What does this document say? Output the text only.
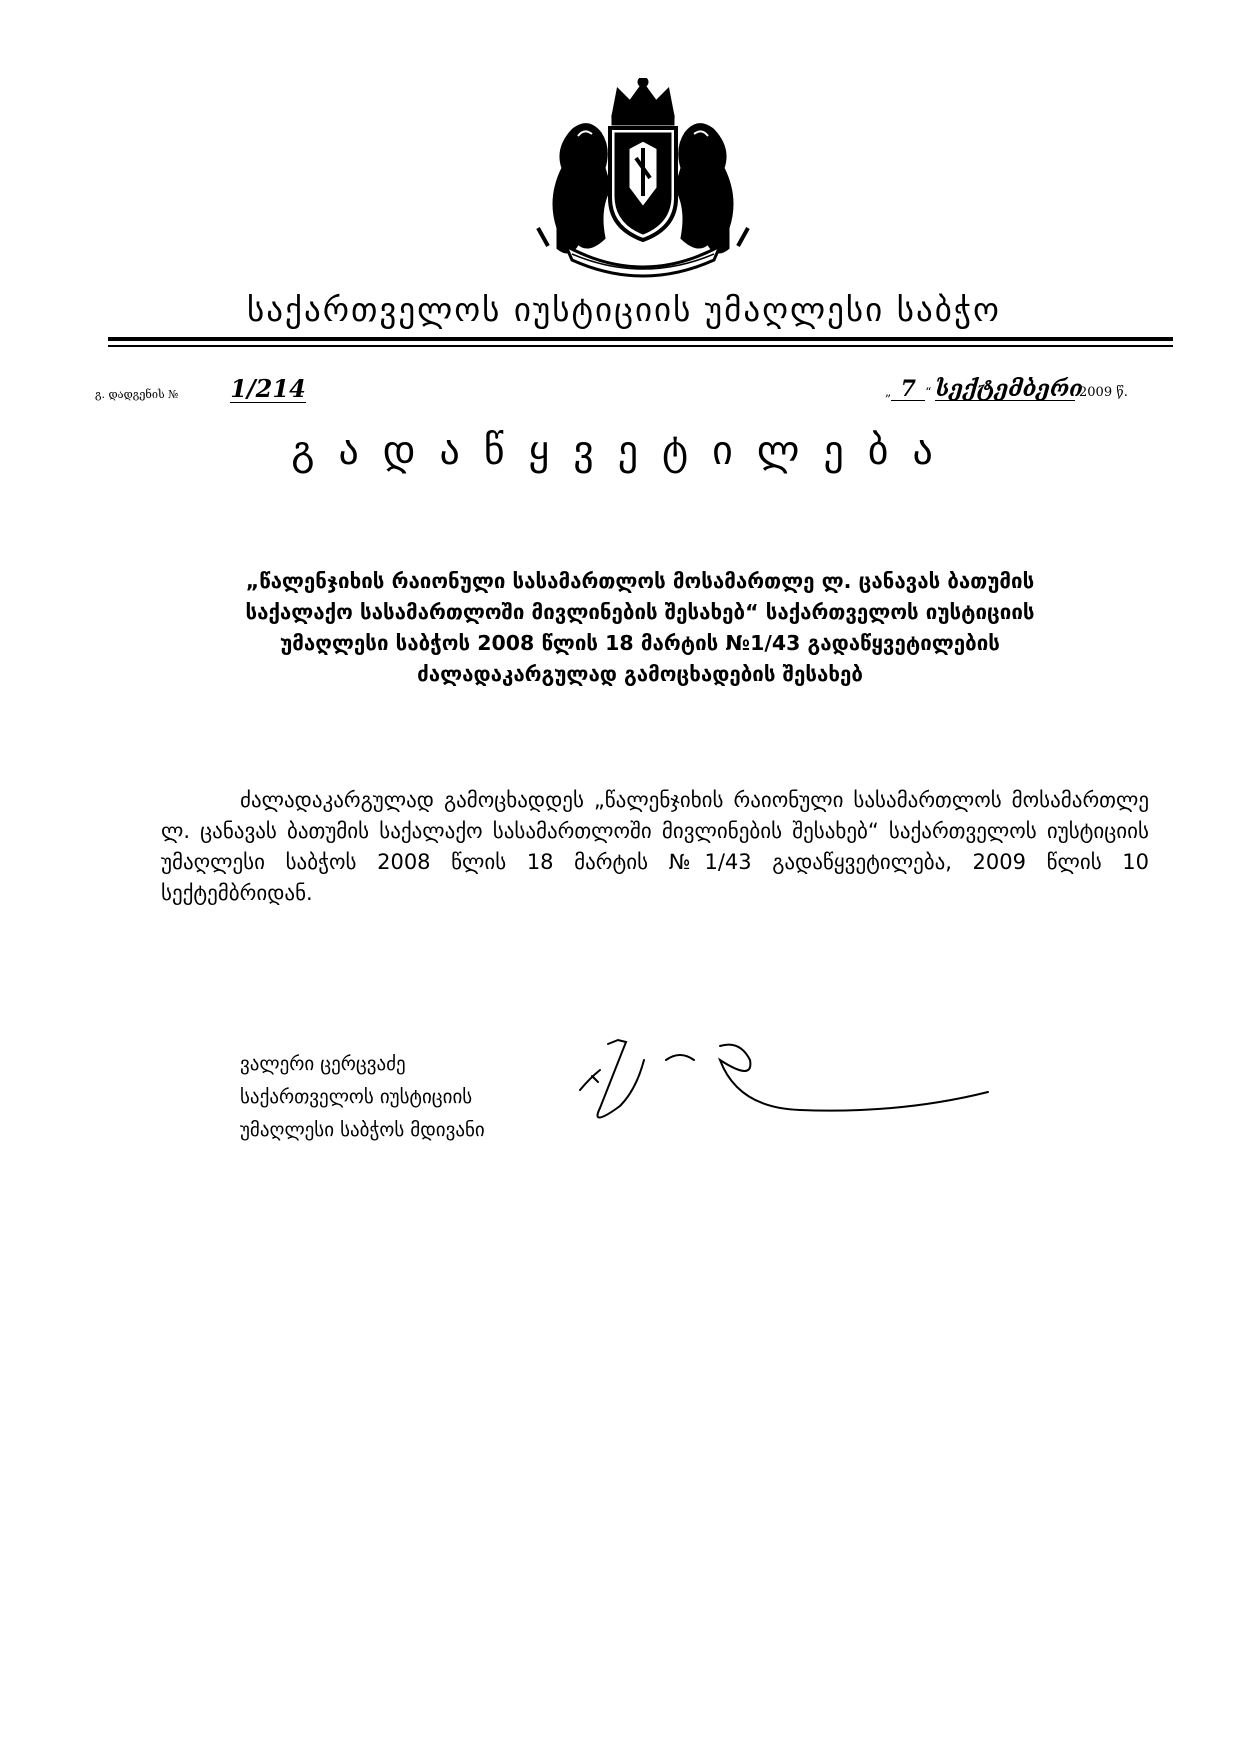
საქართველოს იუსტიციის უმაღლესი საბჭო
გ. დადგენის № 1/214	„ 7 “ სექტემბერი 2009 წ.
გადაწყვეტილება
„წალენჯიხის რაიონული სასამართლოს მოსამართლე ლ. ცანავას ბათუმის საქალაქო სასამართლოში მივლინების შესახებ“ საქართველოს იუსტიციის უმაღლესი საბჭოს 2008 წლის 18 მარტის №1/43 გადაწყვეტილების ძალადაკარგულად გამოცხადების შესახებ
ძალადაკარგულად გამოცხადდეს „წალენჯიხის რაიონული სასამართლოს მოსამართლე ლ. ცანავას ბათუმის საქალაქო სასამართლოში მივლინების შესახებ“ საქართველოს იუსტიციის უმაღლესი საბჭოს 2008 წლის 18 მარტის №1/43 გადაწყვეტილება, 2009 წლის 10 სექტემბრიდან.
ვალერი ცერცვაძე
საქართველოს იუსტიციის
უმაღლესი საბჭოს მდივანი
